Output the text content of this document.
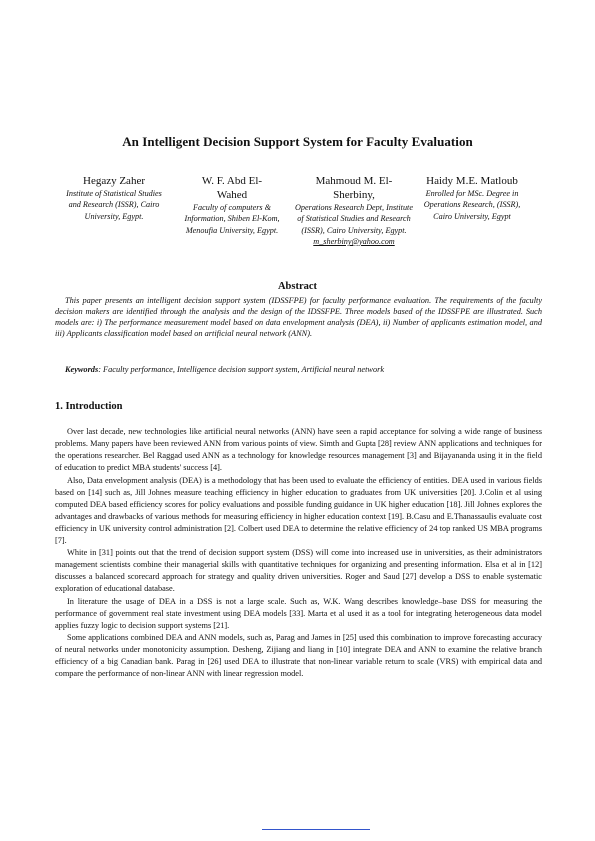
An Intelligent Decision Support System for Faculty Evaluation
Hegazy Zaher
Institute of Statistical Studies and Research (ISSR), Cairo University, Egypt.
W. F. Abd El-Wahed
Faculty of computers & Information, Shiben El-Kom, Menoufia University, Egypt.
Mahmoud M. El-Sherbiny,
Operations Research Dept, Institute of Statistical Studies and Research (ISSR), Cairo University, Egypt.
m_sherbiny@yahoo.com
Haidy M.E. Matloub
Enrolled for MSc. Degree in Operations Research, (ISSR), Cairo University, Egypt
Abstract

This paper presents an intelligent decision support system (IDSSFPE) for faculty performance evaluation. The requirements of the faculty decision makers are identified through the analysis and the design of the IDSSFPE. Three models based of the IDSSFPE are illustrated. Such models are: i) The performance measurement model based on data envelopment analysis (DEA), ii) Number of applicants estimation model, and iii) Applicants classification model based on artificial neural network (ANN).

Keywords: Faculty performance, Intelligence decision support system, Artificial neural network

1. Introduction

Over last decade, new technologies like artificial neural networks (ANN) have seen a rapid acceptance for solving a wide range of business problems. Many papers have been reviewed ANN from various points of view. Simth and Gupta [28] review ANN applications and techniques for the operations researcher. Bel Raggad used ANN as a technology for knowledge resources management [3] and Bijayananda using it in the field of education to predict MBA students' success [4].

Also, Data envelopment analysis (DEA) is a methodology that has been used to evaluate the efficiency of entities. DEA used in various fields based on [14] such as, Jill Johnes measure teaching efficiency in higher education to graduates from UK universities [20]. J.Colin et al using computed DEA based efficiency scores for policy evaluations and possible funding guidance in UK higher education [18]. Jill Johnes explores the advantages and drawbacks of various methods for measuring efficiency in higher education context [19]. B.Casu and E.Thanassaulis evaluate cost efficiency in UK university control administration [2]. Colbert used DEA to determine the relative efficiency of 24 top ranked US MBA programs [7].

White in [31] points out that the trend of decision support system (DSS) will come into increased use in universities, as their administrators management scientists combine their managerial skills with quantitative techniques for organizing and presenting information. Elsa et al in [12] discusses a balanced scorecard approach for strategy and quality driven universities. Roger and Saud [27] develop a DSS to enable systematic exploration of educational database.

In literature the usage of DEA in a DSS is not a large scale. Such as, W.K. Wang describes knowledge–base DSS for measuring the performance of government real state investment using DEA models [33]. Marta et al used it as a tool for integrating heterogeneous data model applies fuzzy logic to decision support systems [21].

Some applications combined DEA and ANN models, such as, Parag and James in [25] used this combination to improve forecasting accuracy of neural networks under monotonicity assumption. Desheng, Zijiang and liang in [10] integrate DEA and ANN to examine the relative branch efficiency of a big Canadian bank. Parag in [26] used DEA to illustrate that non-linear variable return to scale (VRS) with empirical data and compare the performance of non-linear ANN with linear regression model.
